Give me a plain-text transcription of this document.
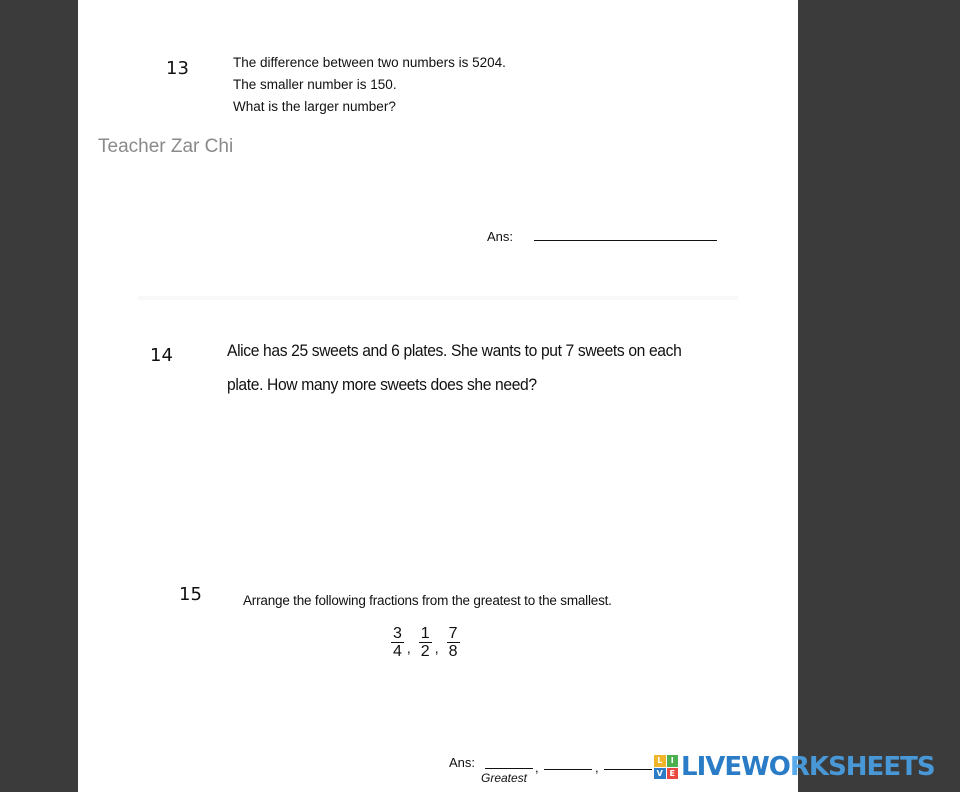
13	The difference between two numbers is 5204.
The smaller number is 150.
What is the larger number?
Teacher Zar Chi
Ans:
14	Alice has 25 sweets and 6 plates. She wants to put 7 sweets on each
plate. How many more sweets does she need?
15	Arrange the following fractions from the greatest to the smallest.
$\frac{3}{4}$ , $\frac{1}{2}$ , $\frac{7}{8}$
Ans:	,	,
Greatest
L	I
V E LIVEWORKSHEETS
